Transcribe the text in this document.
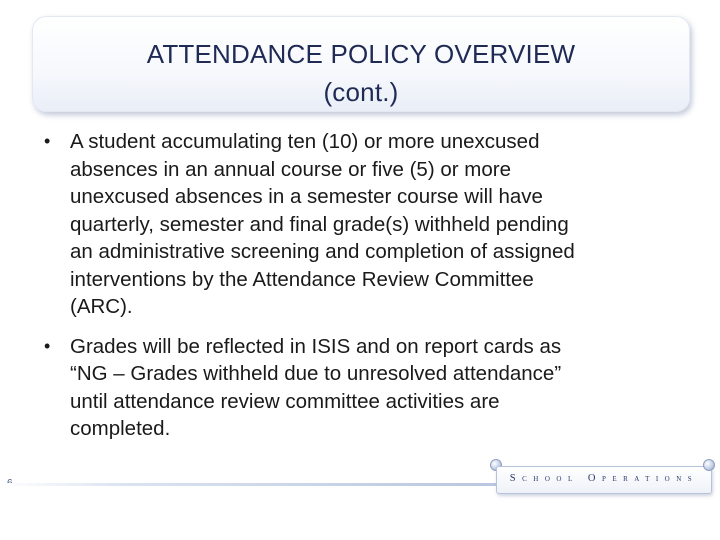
ATTENDANCE POLICY OVERVIEW
(cont.)
• A student accumulating ten (10) or more unexcused
absences in an annual course or five (5) or more
unexcused absences in a semester course will have
quarterly, semester and final grade(s) withheld pending
an administrative screening and completion of assigned
interventions by the Attendance Review Committee
(ARC).
• Grades will be reflected in ISIS and on report cards as
“NG – Grades withheld due to unresolved attendance”
until attendance review committee activities are
completed.
School Operations
